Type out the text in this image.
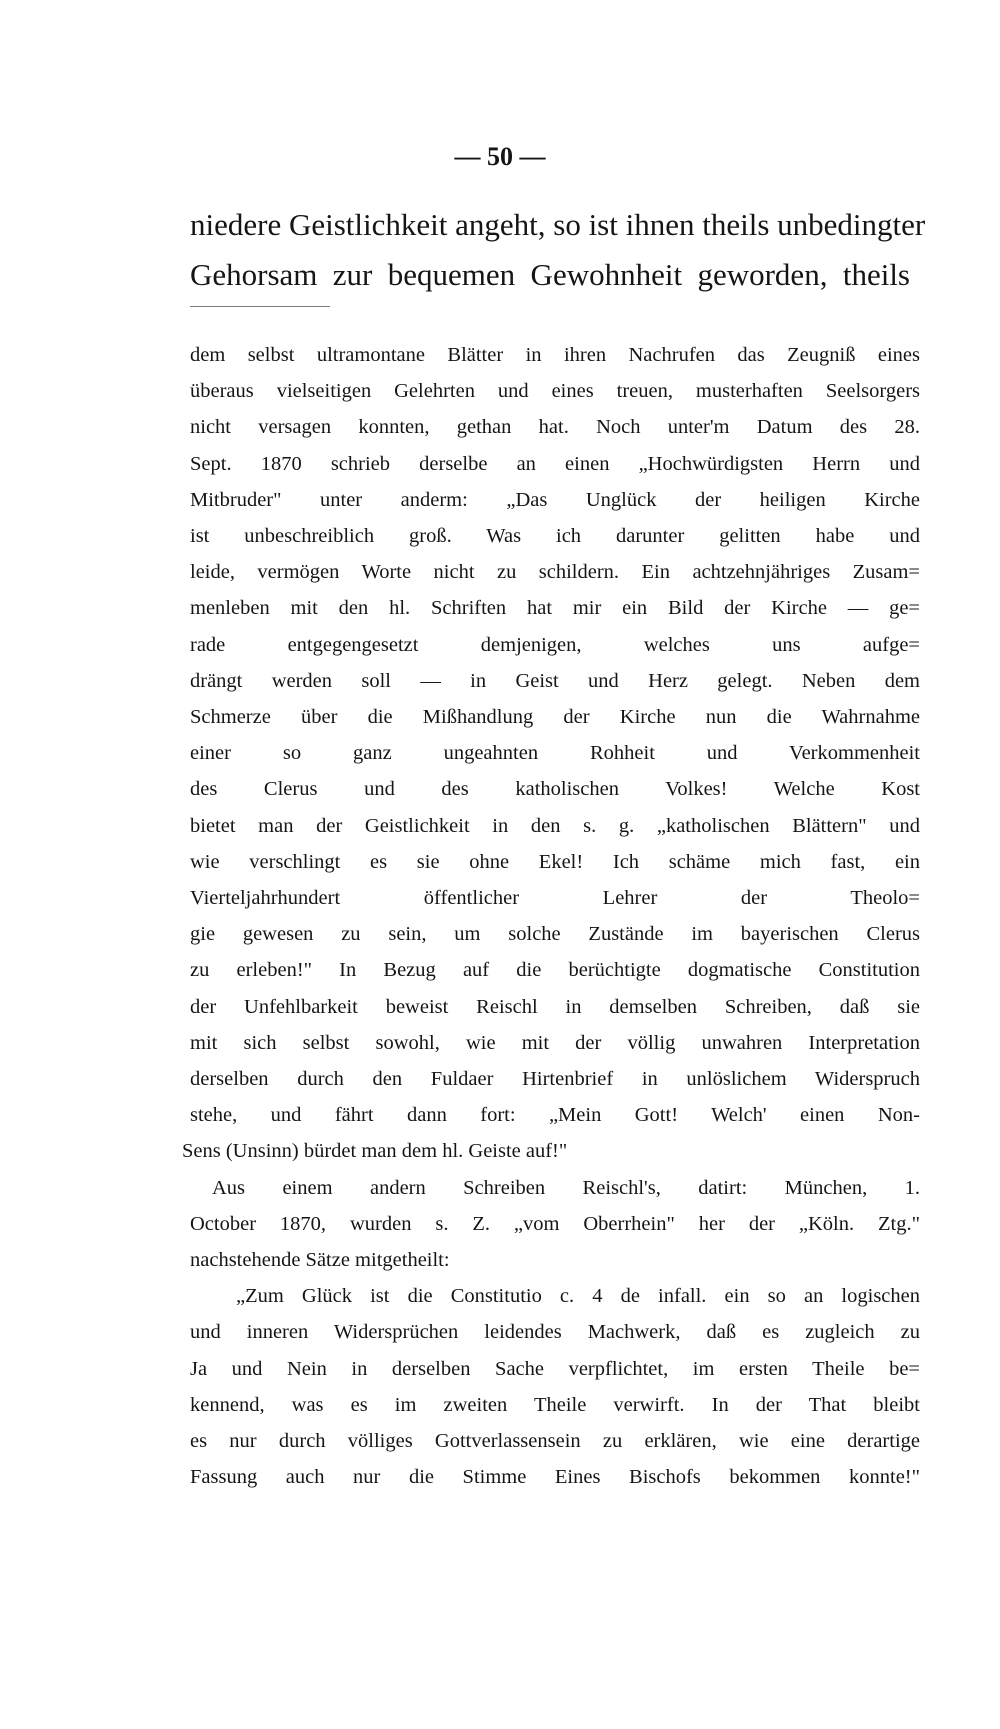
— 50 —
niedere Geistlichkeit angeht, so ist ihnen theils unbedingter
Gehorsam zur bequemen Gewohnheit geworden, theils
dem selbst ultramontane Blätter in ihren Nachrufen das Zeugniß eines
überaus vielseitigen Gelehrten und eines treuen, musterhaften Seelsorgers
nicht versagen konnten, gethan hat. Noch unter'm Datum des 28.
Sept. 1870 schrieb derselbe an einen „Hochwürdigsten Herrn und
Mitbruder" unter anderm: „Das Unglück der heiligen Kirche
ist unbeschreiblich groß. Was ich darunter gelitten habe und
leide, vermögen Worte nicht zu schildern. Ein achtzehnjähriges Zusam=
menleben mit den hl. Schriften hat mir ein Bild der Kirche — ge=
rade entgegengesetzt demjenigen, welches uns aufge=
drängt werden soll — in Geist und Herz gelegt. Neben dem
Schmerze über die Mißhandlung der Kirche nun die Wahrnahme
einer so ganz ungeahnten Rohheit und Verkommenheit
des Clerus und des katholischen Volkes! Welche Kost
bietet man der Geistlichkeit in den s. g. „katholischen Blättern" und
wie verschlingt es sie ohne Ekel! Ich schäme mich fast, ein
Vierteljahrhundert öffentlicher Lehrer der Theolo=
gie gewesen zu sein, um solche Zustände im bayerischen Clerus
zu erleben!" In Bezug auf die berüchtigte dogmatische Constitution
der Unfehlbarkeit beweist Reischl in demselben Schreiben, daß sie
mit sich selbst sowohl, wie mit der völlig unwahren Interpretation
derselben durch den Fuldaer Hirtenbrief in unlöslichem Widerspruch
stehe, und fährt dann fort: „Mein Gott! Welch' einen Non-
Sens (Unsinn) bürdet man dem hl. Geiste auf!"
Aus einem andern Schreiben Reischl's, datirt: München, 1.
October 1870, wurden s. Z. „vom Oberrhein" her der „Köln. Ztg."
nachstehende Sätze mitgetheilt:
„Zum Glück ist die Constitutio c. 4 de infall. ein so an logischen
und inneren Widersprüchen leidendes Machwerk, daß es zugleich zu
Ja und Nein in derselben Sache verpflichtet, im ersten Theile be=
kennend, was es im zweiten Theile verwirft. In der That bleibt
es nur durch völliges Gottverlassensein zu erklären, wie eine derartige
Fassung auch nur die Stimme Eines Bischofs bekommen konnte!"
